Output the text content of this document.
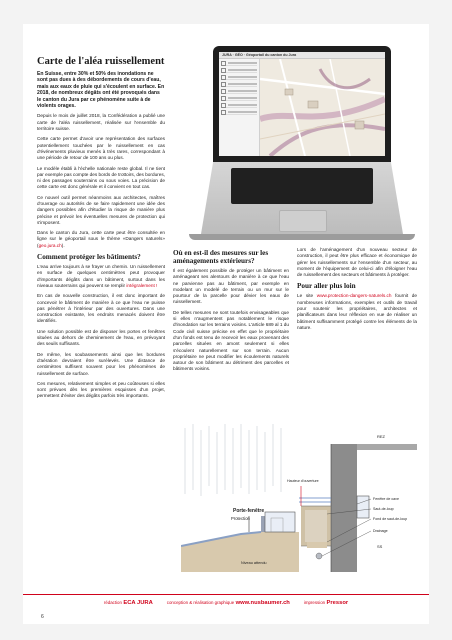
Carte de l'aléa ruissellement
En Suisse, entre 30% et 50% des inondations ne sont pas dues à des débordements de cours d'eau, mais aux eaux de pluie qui s'écoulent en surface. En 2018, de nombreux dégâts ont été provoqués dans le canton du Jura par ce phénomène suite à de violents orages.
Depuis le mois de juillet 2018, la Confédération a publié une carte de l'aléa ruissellement, réalisée sur l'ensemble du territoire suisse.
Cette carte permet d'avoir une représentation des surfaces potentiellement touchées par le ruissellement en cas d'événements pluvieux menés à très rares, correspondant à une période de retour de 100 ans ou plus.
Le modèle établi à l'échelle nationale reste global. Il ne tient par exemple pas compte des bords de trottoirs, des bordures, ni des passages souterrains ou sous voies. La précision de cette carte est donc générale et il convient en tout cas.
Ce nouvel outil permet néanmoins aux architectes, maîtres d'ouvrage ou autorités de se faire rapidement une idée des dangers possibles afin d'étudier la risque de manière plus précise et prévoir les éventuelles mesures de protection qui s'imposent.
Dans le canton du Jura, cette carte peut être consultée en ligne sur le géoportail sous le thème «Dangers naturels» (geo.jura.ch).
Comment protéger les bâtiments?
L'eau arrive toujours à se frayer un chemin. Un ruissellement en surface de quelques centimètres peut provoquer d'importants dégâts dans un bâtiment, surtout dans les niveaux souterrains qui peuvent se remplir intégralement !
En cas de nouvelle construction, il est donc important de concevoir le bâtiment de manière à ce que l'eau ne puisse pas pénétrer à l'intérieur par des ouvertures. Dans une construction existante, les endroits menacés doivent être identifiés.
Une solution possible est de disposer les portes et fenêtres situées au dehors de cheminement de l'eau, en prévoyant des seuils suffisants.
De même, les soubassements ainsi que les bordures d'aération devraient être surélevés. Une distance de centimètres suffisent souvent pour les phénomènes de ruissellement de surface.
Ces mesures, relativement simples et peu coûteuses si elles sont prévues dès les premières esquisses d'un projet, permettent d'éviter des dégâts parfois très importants.
JURA · GÉO · Géoportail du canton du Jura
Où en est-il des mesures sur les aménagements extérieurs?
Il est également possible de protéger un bâtiment en aménageant ses alentours de manière à ce que l'eau ne parvienne pas au bâtiment, par exemple en modelant un modelé de terrain ou un mur sur le pourtour de la parcelle pour dévier les eaux de ruissellement.
De telles mesures ne sont toutefois envisageables que si elles n'augmentent pas notablement le risque d'inondation sur les terrains voisins. L'article 689 al 1 du Code civil suisse précise en effet que le propriétaire d'un fonds est tenu de recevoir les eaux provenant des parcelles situées en amont seulement si elles s'écoulent naturellement sur son terrain. Aucun propriétaire ne peut modifier les écoulements naturels autour de son bâtiment au détriment des parcelles et bâtiments voisins.
Lors de l'aménagement d'un nouveau secteur de construction, il peut être plus efficace et économique de gérer les ruissellements sur l'ensemble d'un secteur, au moment de l'équipement de celui-ci afin d'éloigner l'eau de ruissellement des secteurs et bâtiments à protéger.
Pour aller plus loin
Le site www.protection-dangers-naturels.ch fournit de nombreuses informations, exemples et outils de travail pour soutenir les propriétaires, architectes et planificateurs dans leur réflexion en vue de réaliser un bâtiment suffisamment protégé contre les éléments de la nature.
Porte-fenêtre
Protection
Niveau attendu
REZ
Hauteur d'ouverture
Fenêtre de cave
Saut-de-loup
Fond de saut-de-loup
Drainage
SS
rédaction ECA JURA	conception & réalisation graphique www.nusbaumer.ch	impression Pressor
6
